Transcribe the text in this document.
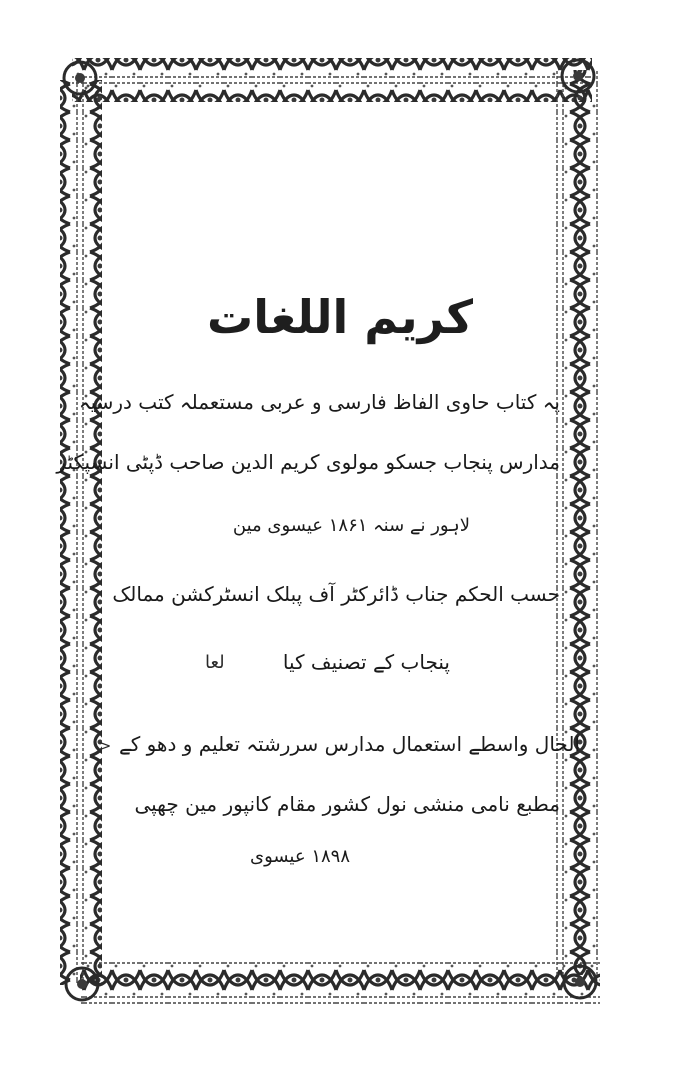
کریم اللغات
یہ کتاب حاوی الفاظ فارسی و عربی مستعملہ کتب درسیہ
مدارس پنجاب جسکو مولوی کریم الدین صاحب ڈپٹی انسپکٹر
لاہور نے سنہ ۱۸۶۱ عیسوی مین
حسب الحکم جناب ڈائرکٹر آف پبلک انسٹرکشن ممالک
پنجاب کے تصنیف کیا
الحال واسطے استعمال مدارس سررشتہ تعلیم و دھو کے
مطبع نامی منشی نول کشور مقام کانپور مین چھپی
۱۸۹۸ عیسوی
لعا
>
